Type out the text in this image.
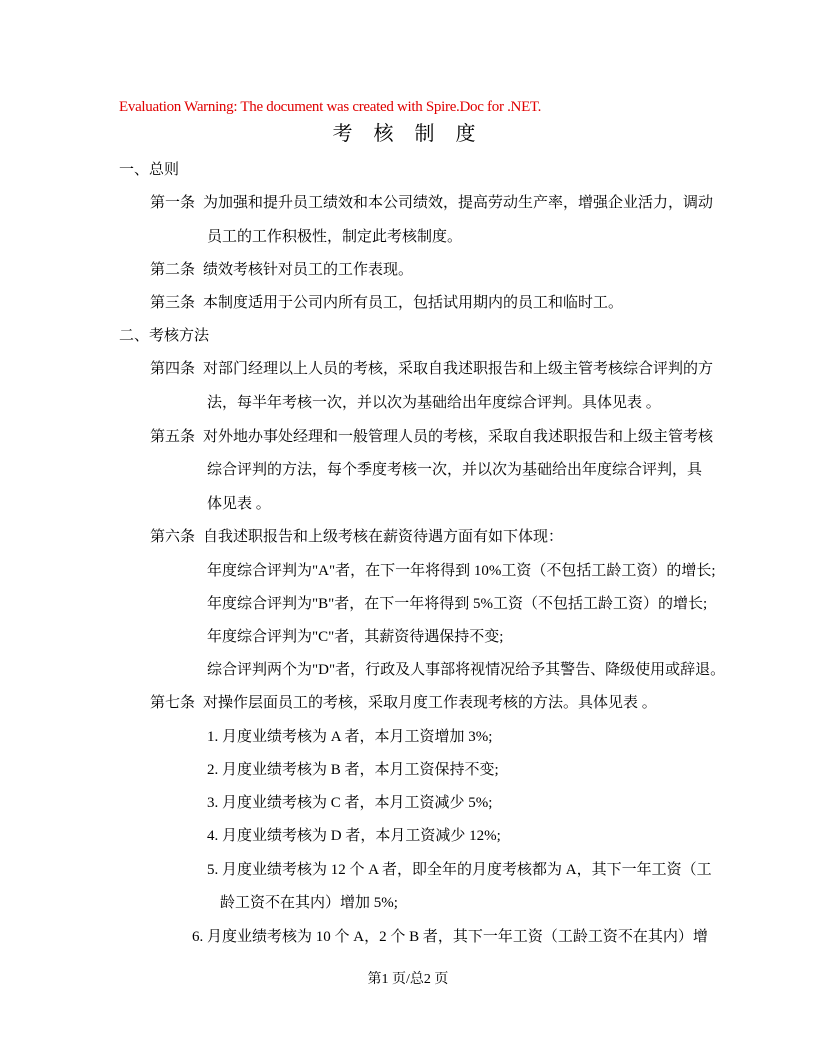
Evaluation Warning: The document was created with Spire.Doc for .NET.
考 核 制 度
一、总则
第一条 为加强和提升员工绩效和本公司绩效，提高劳动生产率，增强企业活力，调动
员工的工作积极性，制定此考核制度。
第二条 绩效考核针对员工的工作表现。
第三条 本制度适用于公司内所有员工，包括试用期内的员工和临时工。
二、考核方法
第四条 对部门经理以上人员的考核，采取自我述职报告和上级主管考核综合评判的方
法，每半年考核一次，并以次为基础给出年度综合评判。具体见表 。
第五条 对外地办事处经理和一般管理人员的考核，采取自我述职报告和上级主管考核
综合评判的方法，每个季度考核一次，并以次为基础给出年度综合评判，具
体见表 。
第六条 自我述职报告和上级考核在薪资待遇方面有如下体现：
年度综合评判为"A"者，在下一年将得到 10%工资（不包括工龄工资）的增长;
年度综合评判为"B"者，在下一年将得到 5%工资（不包括工龄工资）的增长;
年度综合评判为"C"者，其薪资待遇保持不变;
综合评判两个为"D"者，行政及人事部将视情况给予其警告、降级使用或辞退。
第七条 对操作层面员工的考核，采取月度工作表现考核的方法。具体见表 。
1. 月度业绩考核为 A 者，本月工资增加 3%;
2. 月度业绩考核为 B 者，本月工资保持不变;
3. 月度业绩考核为 C 者，本月工资减少 5%;
4. 月度业绩考核为 D 者，本月工资减少 12%;
5. 月度业绩考核为 12 个 A 者，即全年的月度考核都为 A，其下一年工资（工
龄工资不在其内）增加 5%;
6. 月度业绩考核为 10 个 A，2 个 B 者，其下一年工资（工龄工资不在其内）增
第1 页/总2 页
